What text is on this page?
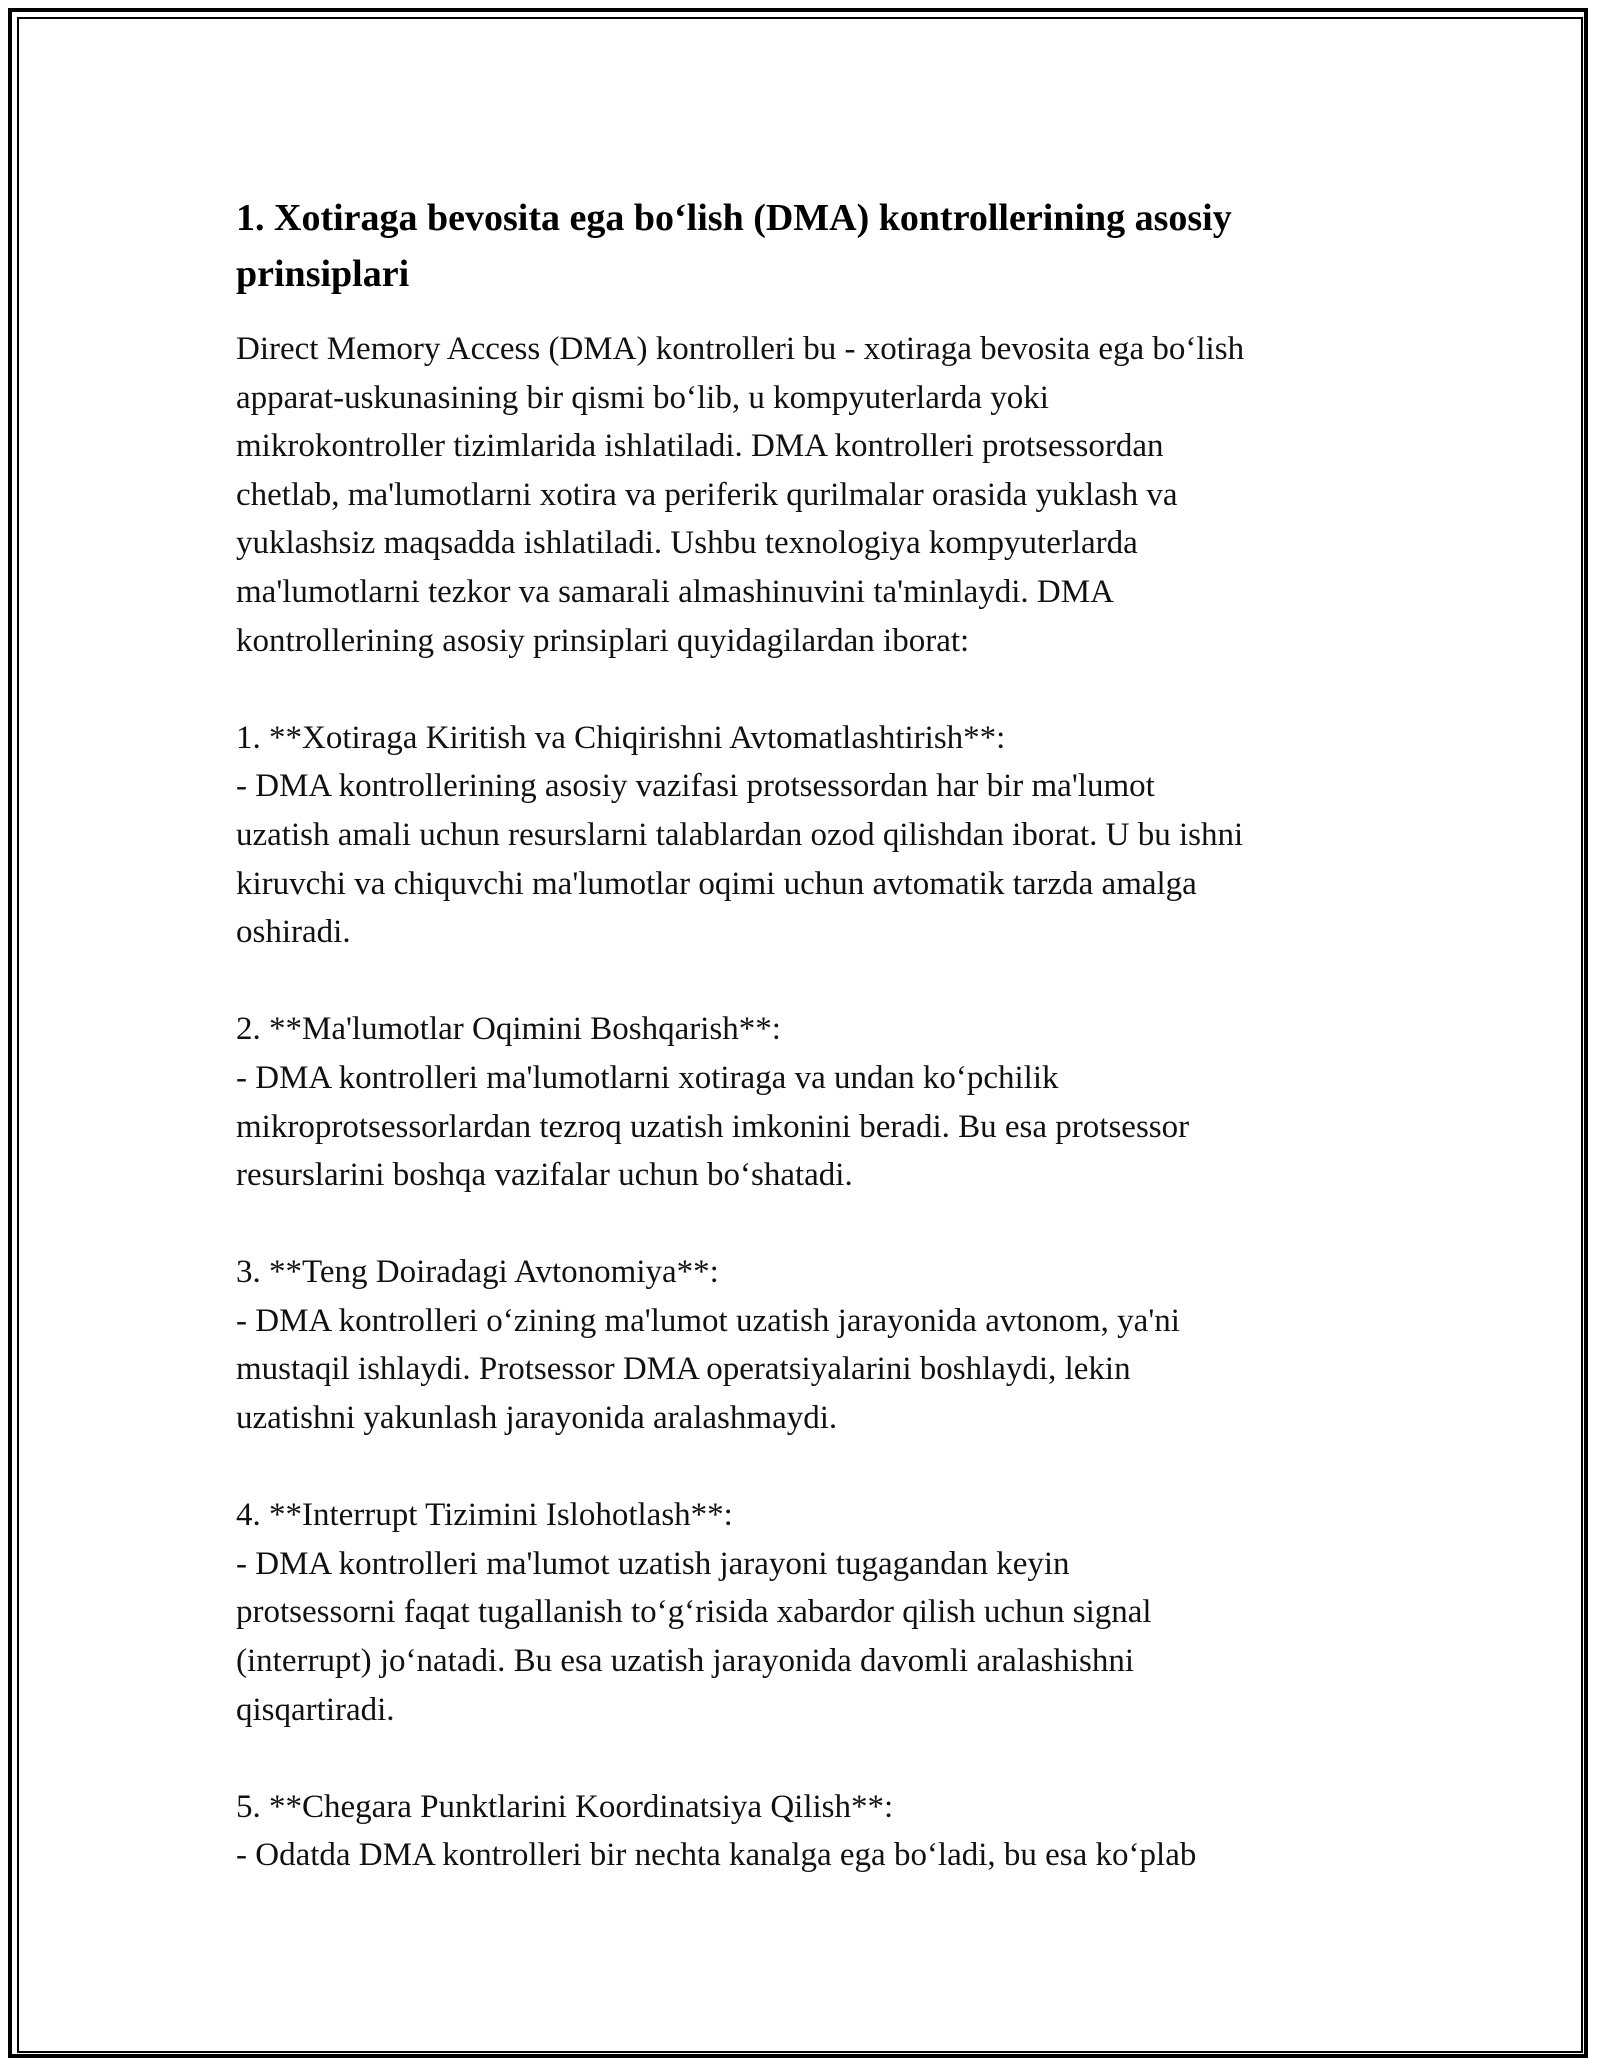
1. Xotiraga bevosita ega bo‘lish (DMA) kontrollerining asosiy
prinsiplari

Direct Memory Access (DMA) kontrolleri bu - xotiraga bevosita ega bo‘lish
apparat-uskunasining bir qismi bo‘lib, u kompyuterlarda yoki
mikrokontroller tizimlarida ishlatiladi. DMA kontrolleri protsessordan
chetlab, ma'lumotlarni xotira va periferik qurilmalar orasida yuklash va
yuklashsiz maqsadda ishlatiladi. Ushbu texnologiya kompyuterlarda
ma'lumotlarni tezkor va samarali almashinuvini ta'minlaydi. DMA
kontrollerining asosiy prinsiplari quyidagilardan iborat:

1. **Xotiraga Kiritish va Chiqirishni Avtomatlashtirish**:
- DMA kontrollerining asosiy vazifasi protsessordan har bir ma'lumot
uzatish amali uchun resurslarni talablardan ozod qilishdan iborat. U bu ishni
kiruvchi va chiquvchi ma'lumotlar oqimi uchun avtomatik tarzda amalga
oshiradi.
2. **Ma'lumotlar Oqimini Boshqarish**:
- DMA kontrolleri ma'lumotlarni xotiraga va undan ko‘pchilik
mikroprotsessorlardan tezroq uzatish imkonini beradi. Bu esa protsessor
resurslarini boshqa vazifalar uchun bo‘shatadi.
3. **Teng Doiradagi Avtonomiya**:
- DMA kontrolleri o‘zining ma'lumot uzatish jarayonida avtonom, ya'ni
mustaqil ishlaydi. Protsessor DMA operatsiyalarini boshlaydi, lekin
uzatishni yakunlash jarayonida aralashmaydi.
4. **Interrupt Tizimini Islohotlash**:
- DMA kontrolleri ma'lumot uzatish jarayoni tugagandan keyin
protsessorni faqat tugallanish to‘g‘risida xabardor qilish uchun signal
(interrupt) jo‘natadi. Bu esa uzatish jarayonida davomli aralashishni
qisqartiradi.
5. **Chegara Punktlarini Koordinatsiya Qilish**:
- Odatda DMA kontrolleri bir nechta kanalga ega bo‘ladi, bu esa ko‘plab
